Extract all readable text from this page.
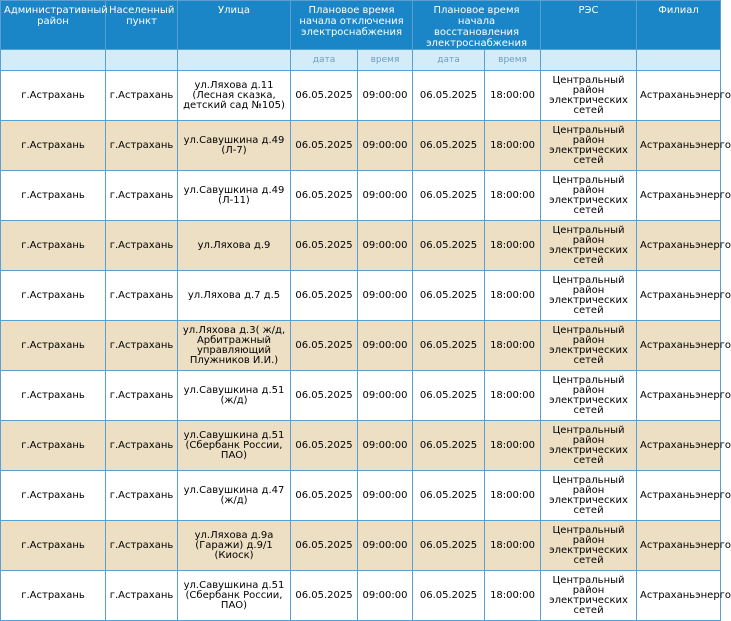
Административный район	Населенный пункт	Улица	Плановое время начала отключения электроснабжения		Плановое время начала восстановления электроснабжения		РЭС	Филиал
			дата	время	дата	время		
г.Астрахань	г.Астрахань	ул.Ляхова д.11 (Лесная сказка, детский сад №105)	06.05.2025	09:00:00	06.05.2025	18:00:00	Центральный район электрических сетей	Астраханьэнерго
г.Астрахань	г.Астрахань	ул.Савушкина д.49 (Л-7)	06.05.2025	09:00:00	06.05.2025	18:00:00	Центральный район электрических сетей	Астраханьэнерго
г.Астрахань	г.Астрахань	ул.Савушкина д.49 (Л-11)	06.05.2025	09:00:00	06.05.2025	18:00:00	Центральный район электрических сетей	Астраханьэнерго
г.Астрахань	г.Астрахань	ул.Ляхова д.9	06.05.2025	09:00:00	06.05.2025	18:00:00	Центральный район электрических сетей	Астраханьэнерго
г.Астрахань	г.Астрахань	ул.Ляхова д.7 д.5	06.05.2025	09:00:00	06.05.2025	18:00:00	Центральный район электрических сетей	Астраханьэнерго
г.Астрахань	г.Астрахань	ул.Ляхова д.3( ж/д, Арбитражный управляющий Плужников И.И.)	06.05.2025	09:00:00	06.05.2025	18:00:00	Центральный район электрических сетей	Астраханьэнерго
г.Астрахань	г.Астрахань	ул.Савушкина д.51 (ж/д)	06.05.2025	09:00:00	06.05.2025	18:00:00	Центральный район электрических сетей	Астраханьэнерго
г.Астрахань	г.Астрахань	ул.Савушкина д.51 (Сбербанк России, ПАО)	06.05.2025	09:00:00	06.05.2025	18:00:00	Центральный район электрических сетей	Астраханьэнерго
г.Астрахань	г.Астрахань	ул.Савушкина д.47 (ж/д)	06.05.2025	09:00:00	06.05.2025	18:00:00	Центральный район электрических сетей	Астраханьэнерго
г.Астрахань	г.Астрахань	ул.Ляхова д.9а (Гаражи) д.9/1 (Киоск)	06.05.2025	09:00:00	06.05.2025	18:00:00	Центральный район электрических сетей	Астраханьэнерго
г.Астрахань	г.Астрахань	ул.Савушкина д.51 (Сбербанк России, ПАО)	06.05.2025	09:00:00	06.05.2025	18:00:00	Центральный район электрических сетей	Астраханьэнерго
